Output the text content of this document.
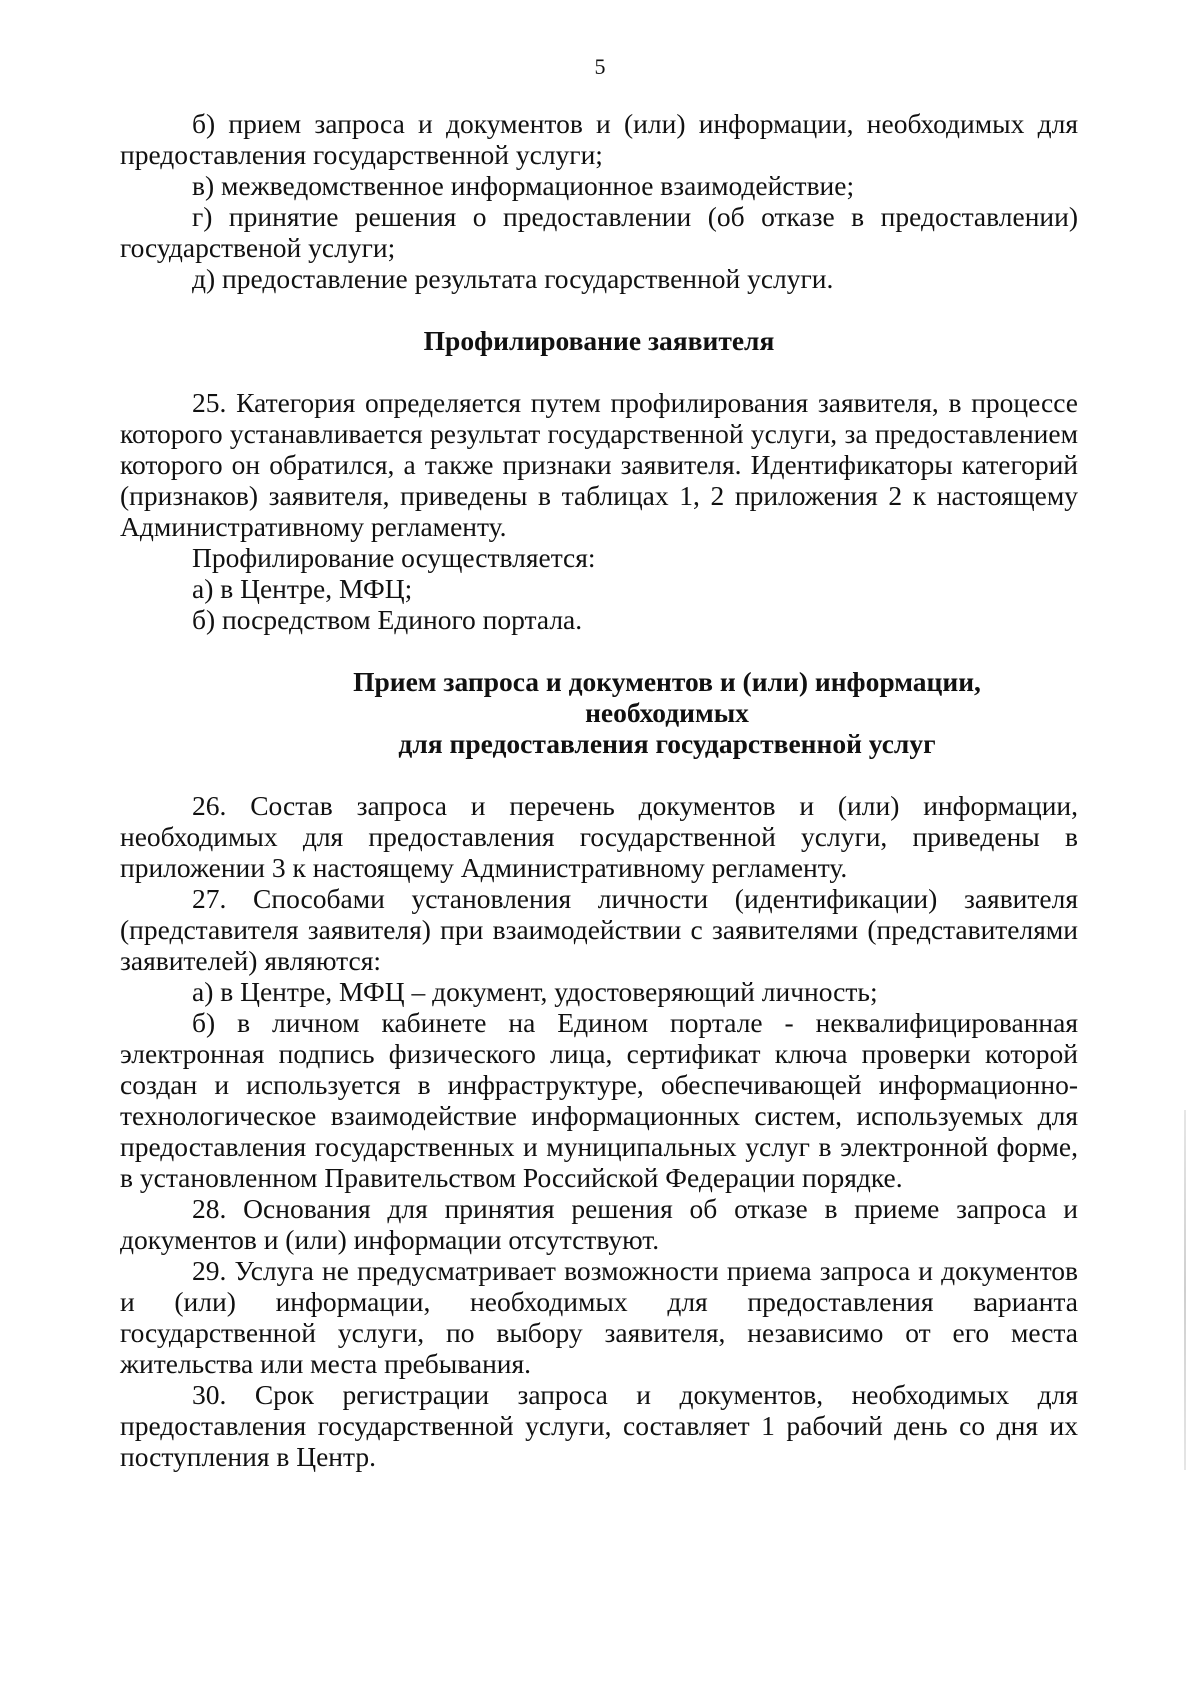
5

б) прием запроса и документов и (или) информации, необходимых для предоставления государственной услуги;

в) межведомственное информационное взаимодействие;

г) принятие решения о предоставлении (об отказе в предоставлении) государственой услуги;

д) предоставление результата государственной услуги.

Профилирование заявителя

25. Категория определяется путем профилирования заявителя, в процессе которого устанавливается результат государственной услуги, за предоставлением которого он обратился, а также признаки заявителя. Идентификаторы категорий (признаков) заявителя, приведены в таблицах 1, 2 приложения 2 к настоящему Административному регламенту.

Профилирование осуществляется:

а) в Центре, МФЦ;

б) посредством Единого портала.

Прием запроса и документов и (или) информации, необходимых

для предоставления государственной услуг

26. Состав запроса и перечень документов и (или) информации, необходимых для предоставления государственной услуги, приведены в приложении 3 к настоящему Административному регламенту.

27. Способами установления личности (идентификации) заявителя (представителя заявителя) при взаимодействии с заявителями (представителями заявителей) являются:

а) в Центре, МФЦ – документ, удостоверяющий личность;

б) в личном кабинете на Едином портале - неквалифицированная электронная подпись физического лица, сертификат ключа проверки которой создан и используется в инфраструктуре, обеспечивающей информационно-технологическое взаимодействие информационных систем, используемых для предоставления государственных и муниципальных услуг в электронной форме, в установленном Правительством Российской Федерации порядке.

28. Основания для принятия решения об отказе в приеме запроса и документов и (или) информации отсутствуют.

29. Услуга не предусматривает возможности приема запроса и документов и (или) информации, необходимых для предоставления варианта государственной услуги, по выбору заявителя, независимо от его места жительства или места пребывания.

30. Срок регистрации запроса и документов, необходимых для предоставления государственной услуги, составляет 1 рабочий день со дня их поступления в Центр.
